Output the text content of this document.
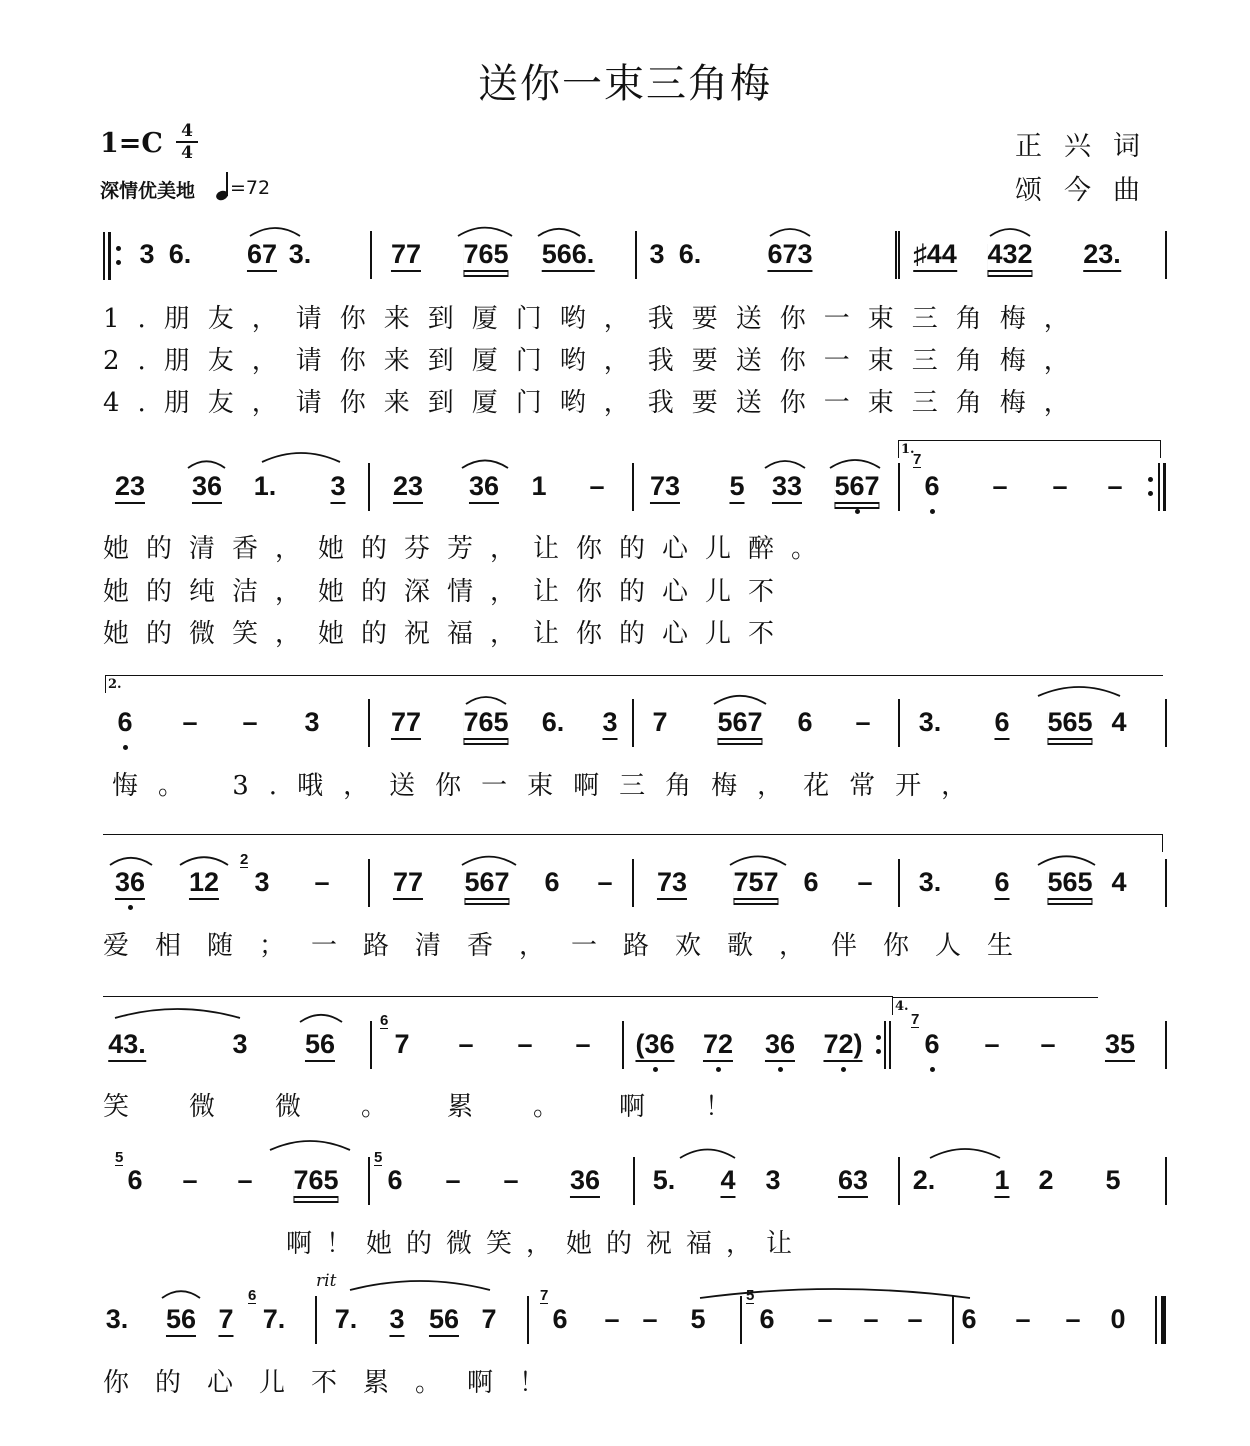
送你一束三角梅
1=C 4
4
深情优美地	=72
正兴词
颂今曲
3 6. 67 3.	77 765 566. 3 6. 673	♯44 432 23.
1.朋友，请你来到厦门哟，我要送你一束三角梅，
2.朋友，请你来到厦门哟，我要送你一束三角梅，
4.朋友，请你来到厦门哟，我要送你一束三角梅，
23 36 1. 3 23 36 1 – 73 5 33 567 6 – – –
她的清香，她的芬芳，让你的心儿醉。
她的纯洁，她的深情，让你的心儿不
她的微笑，她的祝福，让你的心儿不
6 – – 3	77 765 6. 3 7 567 6 – 3. 6 565 4
悔。 3.哦，送你一束啊三角梅，花常开，
36 12 3 – 77 567 6 – 73 757 6 – 3. 6 565 4
爱相随；一路清香，一路欢歌，伴你人生
43.	3 56 7 – – – (36 72 36 72) 6 – – 35
笑微微。累。啊！
6 – – 765 6 – – 36 5. 4 3 63 2. 1 2 5
啊！她的微笑，她的祝福，让
3. 56 7 7. 7. 3 56 7 6 – – 5 6 – – – 6 – – 0
你的心儿不累。啊！
1.
2.
4.
7
2
6	7
5	5
6	7	5
rit
